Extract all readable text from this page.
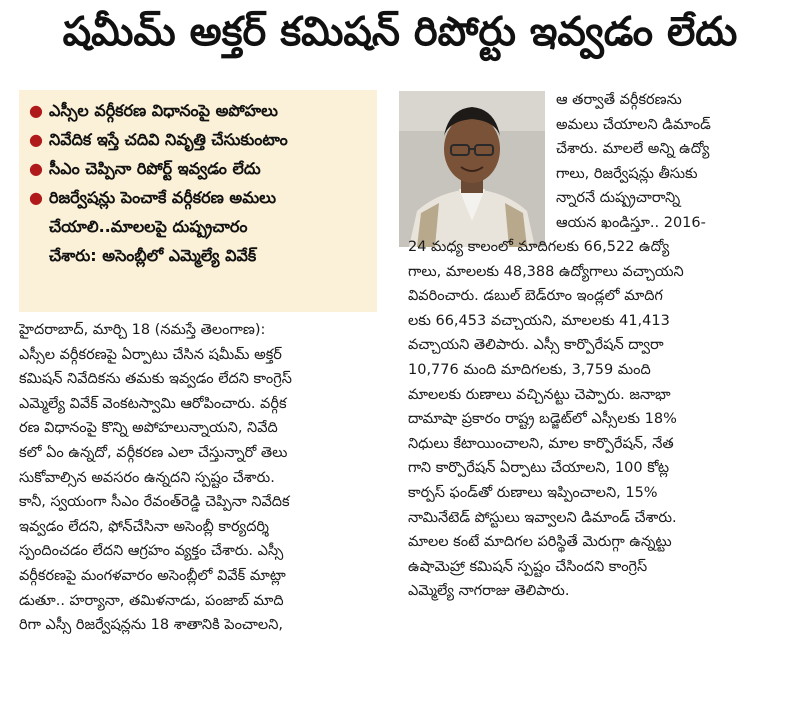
షమీమ్ అక్తర్ కమిషన్ రిపోర్టు ఇవ్వడం లేదు
● ఎస్సీల వర్గీకరణ విధానంపై అపోహలు
● నివేదిక ఇస్తే చదివి నివృత్తి చేసుకుంటాం
● సీఎం చెప్పినా రిపోర్ట్ ఇవ్వడం లేదు
● రిజర్వేషన్లు పెంచాకే వర్గీకరణ అమలు
చేయాలి..మాలలపై దుష్ప్రచారం
చేశారు: అసెంబ్లీలో ఎమ్మెల్యే వివేక్
హైదరాబాద్, మార్చి 18 (నమస్తే తెలంగాణ):
ఎస్సీల వర్గీకరణపై ఏర్పాటు చేసిన షమీమ్ అక్తర్
కమిషన్ నివేదికను తమకు ఇవ్వడం లేదని కాంగ్రెస్
ఎమ్మెల్యే వివేక్ వెంకటస్వామి ఆరోపించారు. వర్గీక
రణ విధానంపై కొన్ని అపోహలున్నాయని, నివేది
కలో ఏం ఉన్నదో, వర్గీకరణ ఎలా చేస్తున్నారో తెలు
సుకోవాల్సిన అవసరం ఉన్నదని స్పష్టం చేశారు.
కానీ, స్వయంగా సీఎం రేవంత్‌రెడ్డి చెప్పినా నివేదిక
ఇవ్వడం లేదని, ఫోన్‌చేసినా అసెంబ్లీ కార్యదర్శి
స్పందించడం లేదని ఆగ్రహం వ్యక్తం చేశారు. ఎస్సీ
వర్గీకరణపై మంగళవారం అసెంబ్లీలో వివేక్ మాట్లా
డుతూ.. హర్యానా, తమిళనాడు, పంజాబ్ మాది
రిగా ఎస్సీ రిజర్వేషన్లను 18 శాతానికి పెంచాలని,
ఆ తర్వాతే వర్గీకరణను
అమలు చేయాలని డిమాండ్
చేశారు. మాలలే అన్ని ఉద్యో
గాలు, రిజర్వేషన్లు తీసుకు
న్నారనే దుష్ప్రచారాన్ని
ఆయన ఖండిస్తూ.. 2016-
24 మధ్య కాలంలో మాదిగలకు 66,522 ఉద్యో
గాలు, మాలలకు 48,388 ఉద్యోగాలు వచ్చాయని
వివరించారు. డబుల్ బెడ్‌రూం ఇండ్లలో మాదిగ
లకు 66,453 వచ్చాయని, మాలలకు 41,413
వచ్చాయని తెలిపారు. ఎస్సీ కార్పొరేషన్ ద్వారా
10,776 మంది మాదిగలకు, 3,759 మంది
మాలలకు రుణాలు వచ్చినట్టు చెప్పారు. జనాభా
దామాషా ప్రకారం రాష్ట్ర బడ్జెట్‌లో ఎస్సీలకు 18%
నిధులు కేటాయించాలని, మాల కార్పొరేషన్, నేత
గాని కార్పొరేషన్ ఏర్పాటు చేయాలని, 100 కోట్ల
కార్పస్ ఫండ్‌తో రుణాలు ఇప్పించాలని, 15%
నామినేటెడ్ పోస్టులు ఇవ్వాలని డిమాండ్ చేశారు.
మాలల కంటే మాదిగల పరిస్థితే మెరుగ్గా ఉన్నట్టు
ఉషామెహ్రా కమిషన్ స్పష్టం చేసిందని కాంగ్రెస్
ఎమ్మెల్యే నాగరాజు తెలిపారు.
